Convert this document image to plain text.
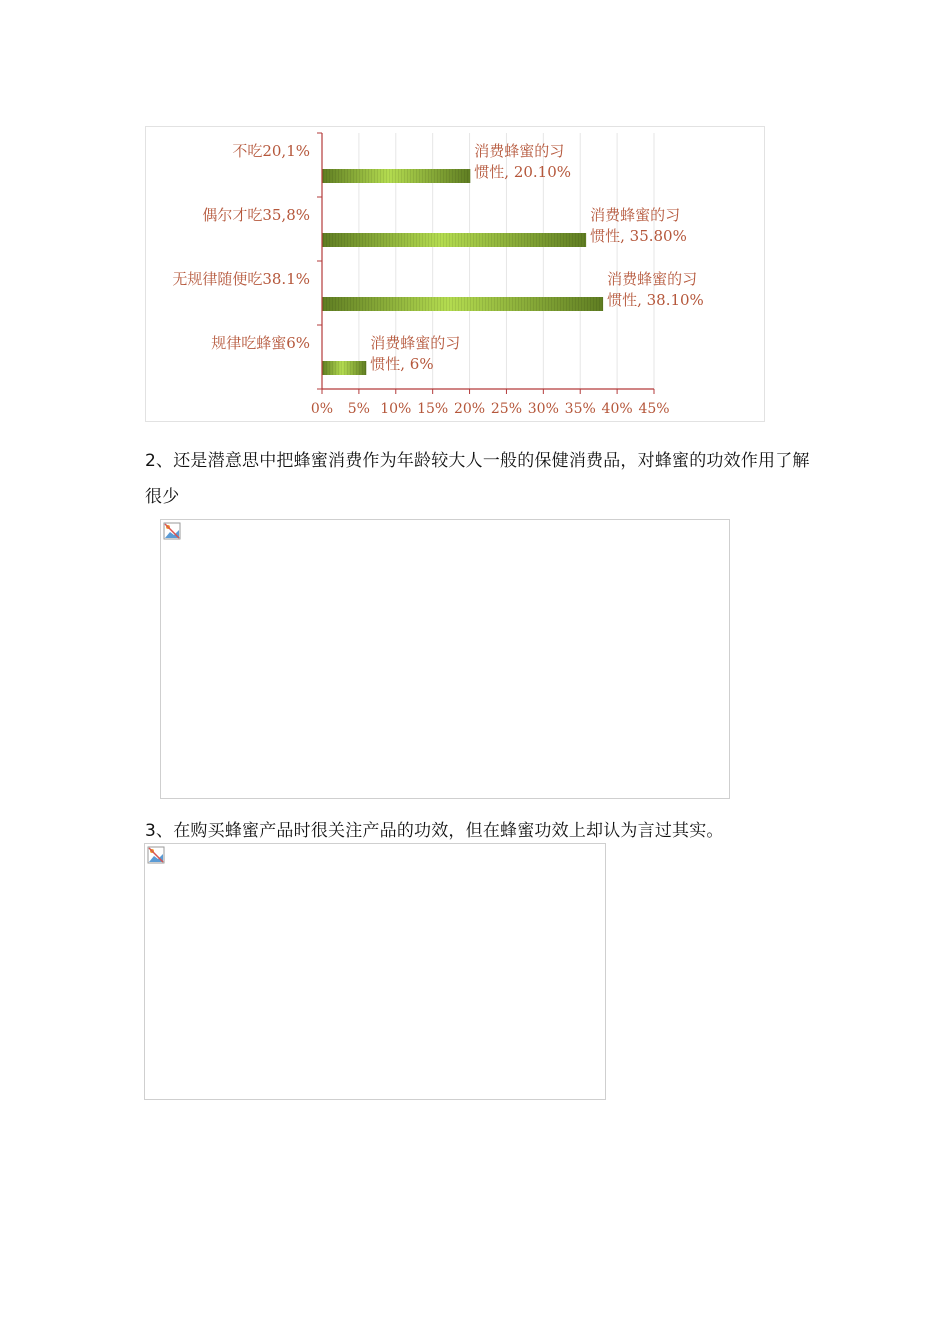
0% 5% 10% 15% 20% 25% 30% 35% 40% 45%
不吃20,1%	消费蜂蜜的习
惯性, 20.10%
偶尔才吃35,8%	消费蜂蜜的习
惯性, 35.80%
无规律随便吃38.1%	消费蜂蜜的习
惯性, 38.10%
规律吃蜂蜜6%	消费蜂蜜的习
惯性, 6%
2、还是潜意思中把蜂蜜消费作为年龄较大人一般的保健消费品，对蜂蜜的功效作用了解很少
3、在购买蜂蜜产品时很关注产品的功效，但在蜂蜜功效上却认为言过其实。
